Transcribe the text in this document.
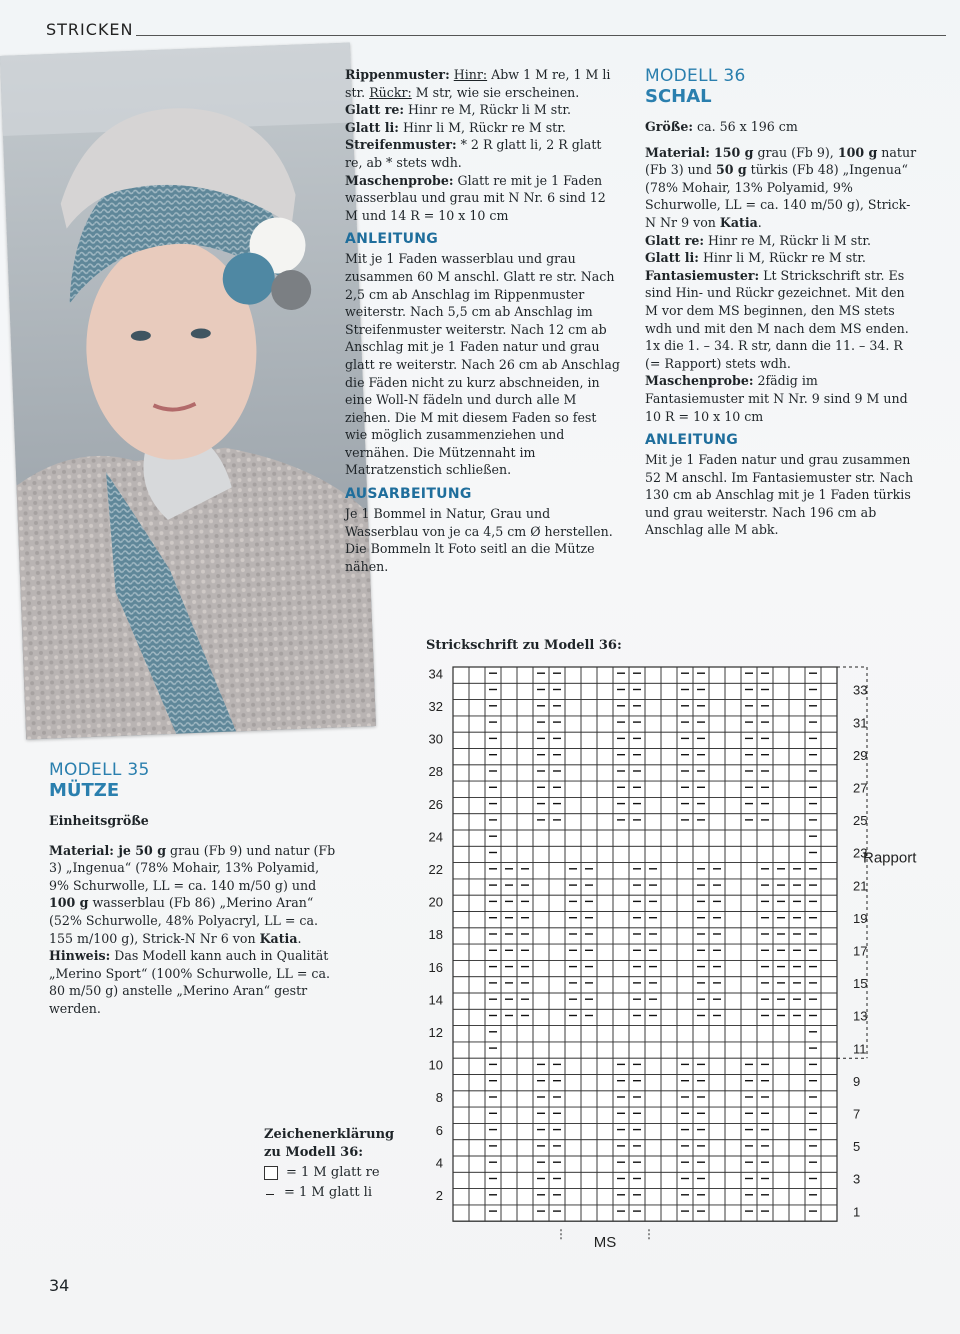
STRICKEN

Rippenmuster: Hinr: Abw 1 M re, 1 M li str. Rückr: M str, wie sie erscheinen.

Glatt re: Hinr re M, Rückr li M str.

Glatt li: Hinr li M, Rückr re M str.

Streifenmuster: * 2 R glatt li, 2 R glatt re, ab * stets wdh.

Maschenprobe: Glatt re mit je 1 Faden wasserblau und grau mit N Nr. 6 sind 12 M und 14 R = 10 x 10 cm

ANLEITUNG

Mit je 1 Faden wasserblau und grau zusammen 60 M anschl. Glatt re str. Nach 2,5 cm ab Anschlag im Rippenmuster weiterstr. Nach 5,5 cm ab Anschlag im Streifenmuster weiterstr. Nach 12 cm ab Anschlag mit je 1 Faden natur und grau glatt re weiterstr. Nach 26 cm ab Anschlag die Fäden nicht zu kurz abschneiden, in eine Woll-N fädeln und durch alle M ziehen. Die M mit diesem Faden so fest wie möglich zusammenziehen und vernähen. Die Mützennaht im Matratzenstich schließen.

AUSARBEITUNG

Je 1 Bommel in Natur, Grau und Wasserblau von je ca 4,5 cm Ø herstellen. Die Bommeln lt Foto seitl an die Mütze nähen.

MODELL 36
SCHAL

Größe: ca. 56 x 196 cm

Material: 150 g grau (Fb 9), 100 g natur (Fb 3) und 50 g türkis (Fb 48) „Ingenua“ (78% Mohair, 13% Polyamid, 9% Schurwolle, LL = ca. 140 m/50 g), Strick-N Nr 9 von Katia.

Glatt re: Hinr re M, Rückr li M str.

Glatt li: Hinr li M, Rückr re M str.

Fantasiemuster: Lt Strickschrift str. Es sind Hin- und Rückr gezeichnet. Mit den M vor dem MS beginnen, den MS stets wdh und mit den M nach dem MS enden. 1x die 1. – 34. R str, dann die 11. – 34. R (= Rapport) stets wdh.

Maschenprobe: 2fädig im Fantasiemuster mit N Nr. 9 sind 9 M und 10 R = 10 x 10 cm

ANLEITUNG

Mit je 1 Faden natur und grau zusammen 52 M anschl. Im Fantasiemuster str. Nach 130 cm ab Anschlag mit je 1 Faden türkis und grau weiterstr. Nach 196 cm ab Anschlag alle M abk.

MODELL 35
MÜTZE

Einheitsgröße

Material: je 50 g grau (Fb 9) und natur (Fb 3) „Ingenua“ (78% Mohair, 13% Polyamid, 9% Schurwolle, LL = ca. 140 m/50 g) und 100 g wasserblau (Fb 86) „Merino Aran“ (52% Schurwolle, 48% Polyacryl, LL = ca. 155 m/100 g), Strick-N Nr 6 von Katia.

Hinweis: Das Modell kann auch in Qualität „Merino Sport“ (100% Schurwolle, LL = ca. 80 m/50 g) anstelle „Merino Aran“ gestr werden.

Strickschrift zu Modell 36:
1
3
5
7
9
11
13
15
17
19
21
23
25
27
29
31
33
2
4
6
8
10
12
14
16
18
20
22
24
26
28
30
32
34
Rapport
MS
Zeichenerklärung
zu Modell 36:
= 1 M glatt re
= 1 M glatt li
34
